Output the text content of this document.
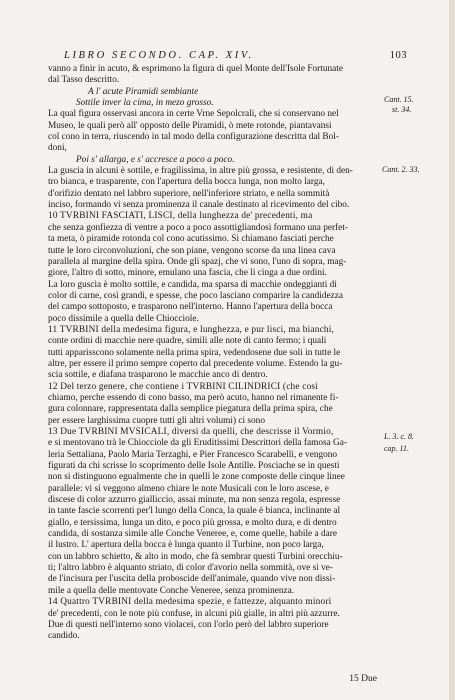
LIBRO SECONDO. CAP. XIV.	103
vanno a finir in acuto, & esprimono la figura di quel Monte dell'Isole Fortunate
dal Tasso descritto.
A l' acute Piramidi sembiante
Sottile inver la cima, in mezo grosso.
La qual figura osservasi ancora in certe Vrne Sepolcrali, che si conservano nel
Museo, le quali però all' opposto delle Piramidi, ò mete rotonde, piantavansi
col cono in terra, riuscendo in tal modo della configurazione descritta dal Bol-
doni,
Poi s' allarga, e s' accresce a poco a poco.
La guscia in alcuni è sottile, e fragilissima, in altre più grossa, e resistente, di den-
tro bianca, e trasparente, con l'apertura della bocca lunga, non molto larga,
d'orifizio dentato nel labbro superiore, nell'inferiore striato, e nella sommità
inciso, formando vi senza prominenza il canale destinato al ricevimento del cibo.
10 TVRBINI FASCIATI, LISCI, della lunghezza de' precedenti, ma
che senza gonfiezza di ventre a poco a poco assottigliandosi formano una perfet-
ta meta, ò piramide rotonda col cono acutissimo. Si chiamano fasciati perche
tutte le loro circonvoluzioni, che son piane, vengono scorse da una linea cava
parallela al margine della spira. Onde gli spazj, che vi sono, l'uno di sopra, mag-
giore, l'altro di sotto, minore, emulano una fascia, che li cinga a due ordini.
La loro guscia è molto sottile, e candida, ma sparsa di macchie ondeggianti di
color di carne, così grandi, e spesse, che poco lasciano comparire la candidezza
del campo sottoposto, e trasparono nell'interno. Hanno l'apertura della bocca
poco dissimile a quella delle Chiocciole.
11 TVRBINI della medesima figura, e lunghezza, e pur lisci, ma bianchi,
conte ordini di macchie nere quadre, simili alle note di canto fermo; i quali
tutti apparisscono solamente nella prima spira, vedendosene due soli in tutte le
altre, per essere il primo sempre coperto dal precedente volume. Estendo la gu-
scia sottile, e diafana trasparono le macchie anco di dentro.
12 Del terzo genere, che contiene i TVRBINI CILINDRICI (che così
chiamo, perche essendo di cono basso, ma però acuto, hanno nel rimanente fi-
gura colonnare, rappresentata dalla semplice piegatura della prima spira, che
per essere larghissima cuopre tutti gli altri volumi) ci sono
13 Due TVRBINI MVSICALI, diversi da quelli, che descrisse il Vormio,
e si mentovano trà le Chiocciole da gli Eruditissimi Descrittori della famosa Ga-
leria Settaliana, Paolo Maria Terzaghi, e Pier Francesco Scarabelli, e vengono
figurati da chi scrisse lo scoprimento delle Isole Antille. Posciache se in questi
non si distinguono egualmente che in quelli le zone composte delle cinque linee
parallele: vi si veggono almeno chiare le note Musicali con le loro ascese, e
discese di color azzurro gialliccio, assai minute, ma non senza regola, espresse
in tante fascie scorrenti per'l lungo della Conca, la quale è bianca, inclinante al
giallo, e tersissima, lunga un dito, e poco più grossa, e molto dura, e di dentro
candida, di sostanza simile alle Conche Veneree, e, come quelle, habile a dare
il lustro. L' apertura della bocca è lunga quanto il Turbine, non poco larga,
con un labbro schietto, & alto in modo, che fà sembrar questi Turbini orecchiu-
ti; l'altro labbro è alquanto striato, di color d'avorio nella sommità, ove si ve-
de l'incisura per l'uscita della proboscide dell'animale, quando vive non dissi-
mile a quella delle mentovate Conche Veneree, senza prominenza.
14 Quattro TVRBINI della medesima spezie, e fattezze, alquanto minori
de' precedenti, con le note più confuse, in alcuni più gialle, in altri più azzurre.
Due di questi nell'interno sono violacei, con l'orlo però del labbro superiore
candido.
Cant. 15.
st. 34.
Cant. 2. 33.
L. 3. c. 8.
cap. 11.
15 Due
